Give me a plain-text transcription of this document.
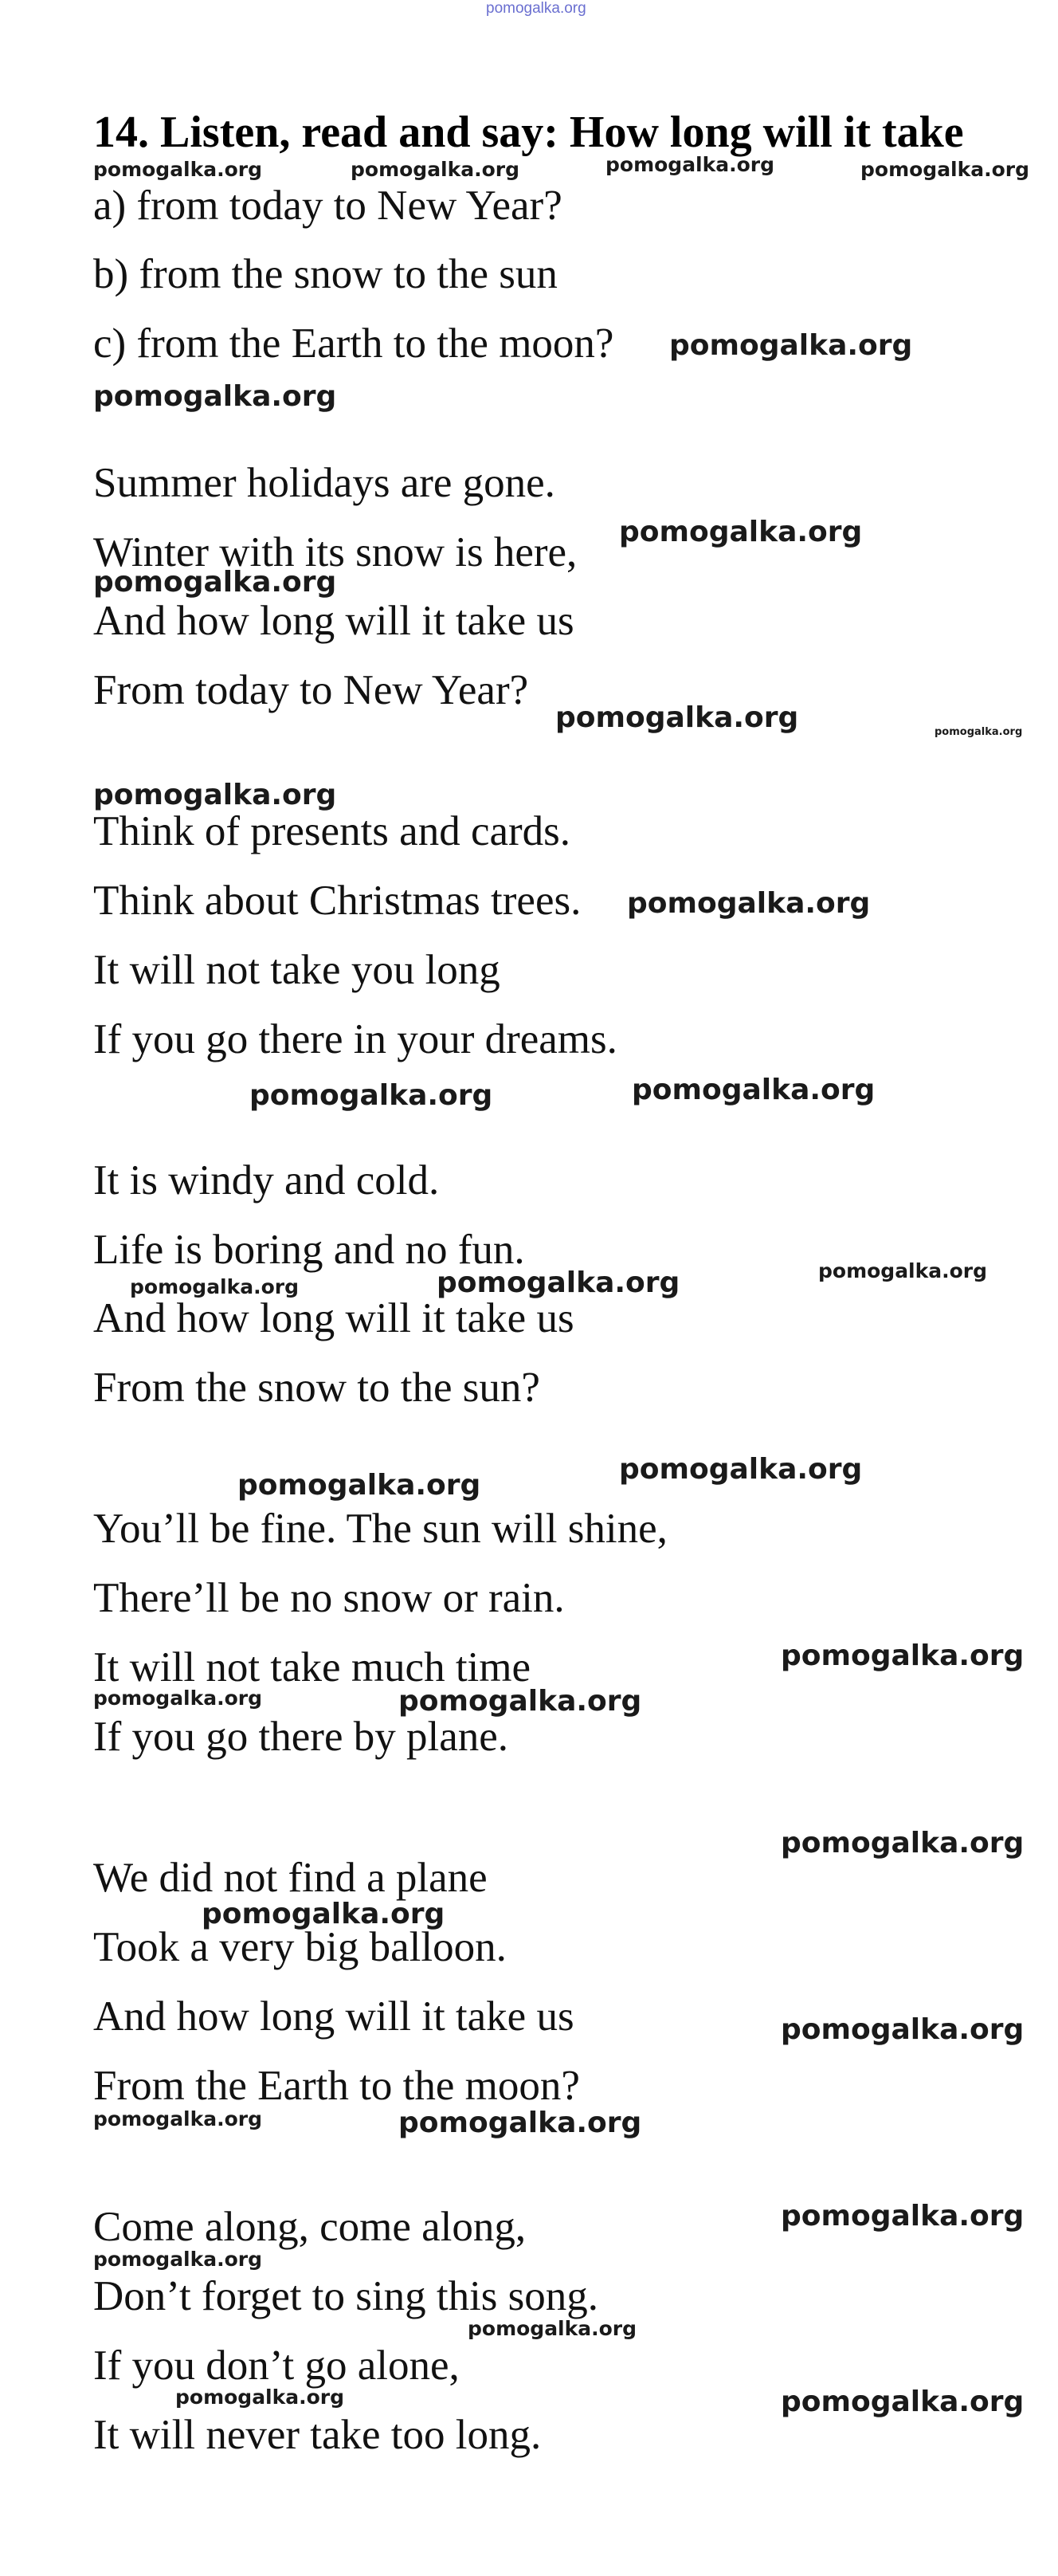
pomogalka.org
14. Listen, read and say: How long will it take
a) from today to New Year?
b) from the snow to the sun
c) from the Earth to the moon?
Summer holidays are gone.
Winter with its snow is here,
And how long will it take us
From today to New Year?
Think of presents and cards.
Think about Christmas trees.
It will not take you long
If you go there in your dreams.
It is windy and cold.
Life is boring and no fun.
And how long will it take us
From the snow to the sun?
You’ll be fine. The sun will shine,
There’ll be no snow or rain.
It will not take much time
If you go there by plane.
We did not find a plane
Took a very big balloon.
And how long will it take us
From the Earth to the moon?
Come along, come along,
Don’t forget to sing this song.
If you don’t go alone,
It will never take too long.
pomogalka.org	pomogalka.org	pomogalka.org	pomogalka.org
pomogalka.org
pomogalka.org
pomogalka.org
pomogalka.org
pomogalka.org	pomogalka.org
pomogalka.org
pomogalka.org
pomogalka.org	pomogalka.org
pomogalka.org	pomogalka.org	pomogalka.org
pomogalka.org	pomogalka.org
pomogalka.org
pomogalka.org	pomogalka.org
pomogalka.org
pomogalka.org
pomogalka.org
pomogalka.org	pomogalka.org
pomogalka.org
pomogalka.org
pomogalka.org
pomogalka.org	pomogalka.org
